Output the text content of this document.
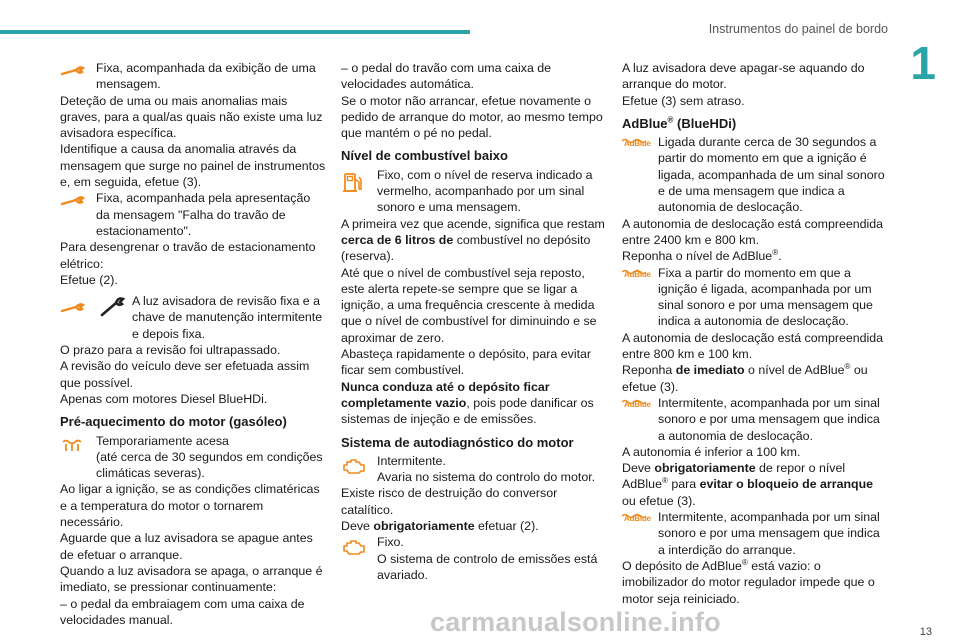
Instrumentos do painel de bordo
1
Fixa, acompanhada da exibição de uma mensagem.

Deteção de uma ou mais anomalias mais graves, para a qual/as quais não existe uma luz avisadora específica.

Identifique a causa da anomalia através da mensagem que surge no painel de instrumentos e, em seguida, efetue (3).

Fixa, acompanhada pela apresentação da mensagem "Falha do travão de estacionamento".

Para desengrenar o travão de estacionamento elétrico:

Efetue (2).

A luz avisadora de revisão fixa e a chave de manutenção intermitente e depois fixa.

O prazo para a revisão foi ultrapassado.

A revisão do veículo deve ser efetuada assim que possível.

Apenas com motores Diesel BlueHDi.

Pré-aquecimento do motor (gasóleo)
Temporariamente acesa
(até cerca de 30 segundos em condições climáticas severas).

Ao ligar a ignição, se as condições climatéricas e a temperatura do motor o tornarem necessário.

Aguarde que a luz avisadora se apague antes de efetuar o arranque.

Quando a luz avisadora se apaga, o arranque é imediato, se pressionar continuamente:

– o pedal da embraiagem com uma caixa de velocidades manual.

– o pedal do travão com uma caixa de velocidades automática.

Se o motor não arrancar, efetue novamente o pedido de arranque do motor, ao mesmo tempo que mantém o pé no pedal.

Nível de combustível baixo
Fixo, com o nível de reserva indicado a vermelho, acompanhado por um sinal sonoro e uma mensagem.

A primeira vez que acende, significa que restam cerca de 6 litros de combustível no depósito (reserva).

Até que o nível de combustível seja reposto, este alerta repete-se sempre que se ligar a ignição, a uma frequência crescente à medida que o nível de combustível for diminuindo e se aproximar de zero.

Abasteça rapidamente o depósito, para evitar ficar sem combustível.

Nunca conduza até o depósito ficar completamente vazio, pois pode danificar os sistemas de injeção e de emissões.

Sistema de autodiagnóstico do motor
Intermitente.
Avaria no sistema do controlo do motor.

Existe risco de destruição do conversor catalítico.

Deve obrigatoriamente efetuar (2).

Fixo.
O sistema de controlo de emissões está avariado.

A luz avisadora deve apagar-se aquando do arranque do motor.

Efetue (3) sem atraso.

AdBlue® (BlueHDi)
AdBlue Ligada durante cerca de 30 segundos a partir do momento em que a ignição é ligada, acompanhada de um sinal sonoro e de uma mensagem que indica a autonomia de deslocação.

A autonomia de deslocação está compreendida entre 2400 km e 800 km.

Reponha o nível de AdBlue®.

AdBlue Fixa a partir do momento em que a ignição é ligada, acompanhada por um sinal sonoro e por uma mensagem que indica a autonomia de deslocação.

A autonomia de deslocação está compreendida entre 800 km e 100 km.

Reponha de imediato o nível de AdBlue® ou efetue (3).

AdBlue Intermitente, acompanhada por um sinal sonoro e por uma mensagem que indica a autonomia de deslocação.

A autonomia é inferior a 100 km.

Deve obrigatoriamente de repor o nível AdBlue® para evitar o bloqueio de arranque ou efetue (3).

AdBlue Intermitente, acompanhada por um sinal sonoro e por uma mensagem que indica a interdição do arranque.

O depósito de AdBlue® está vazio: o imobilizador do motor regulador impede que o motor seja reiniciado.

carmanualsonline.info	13
